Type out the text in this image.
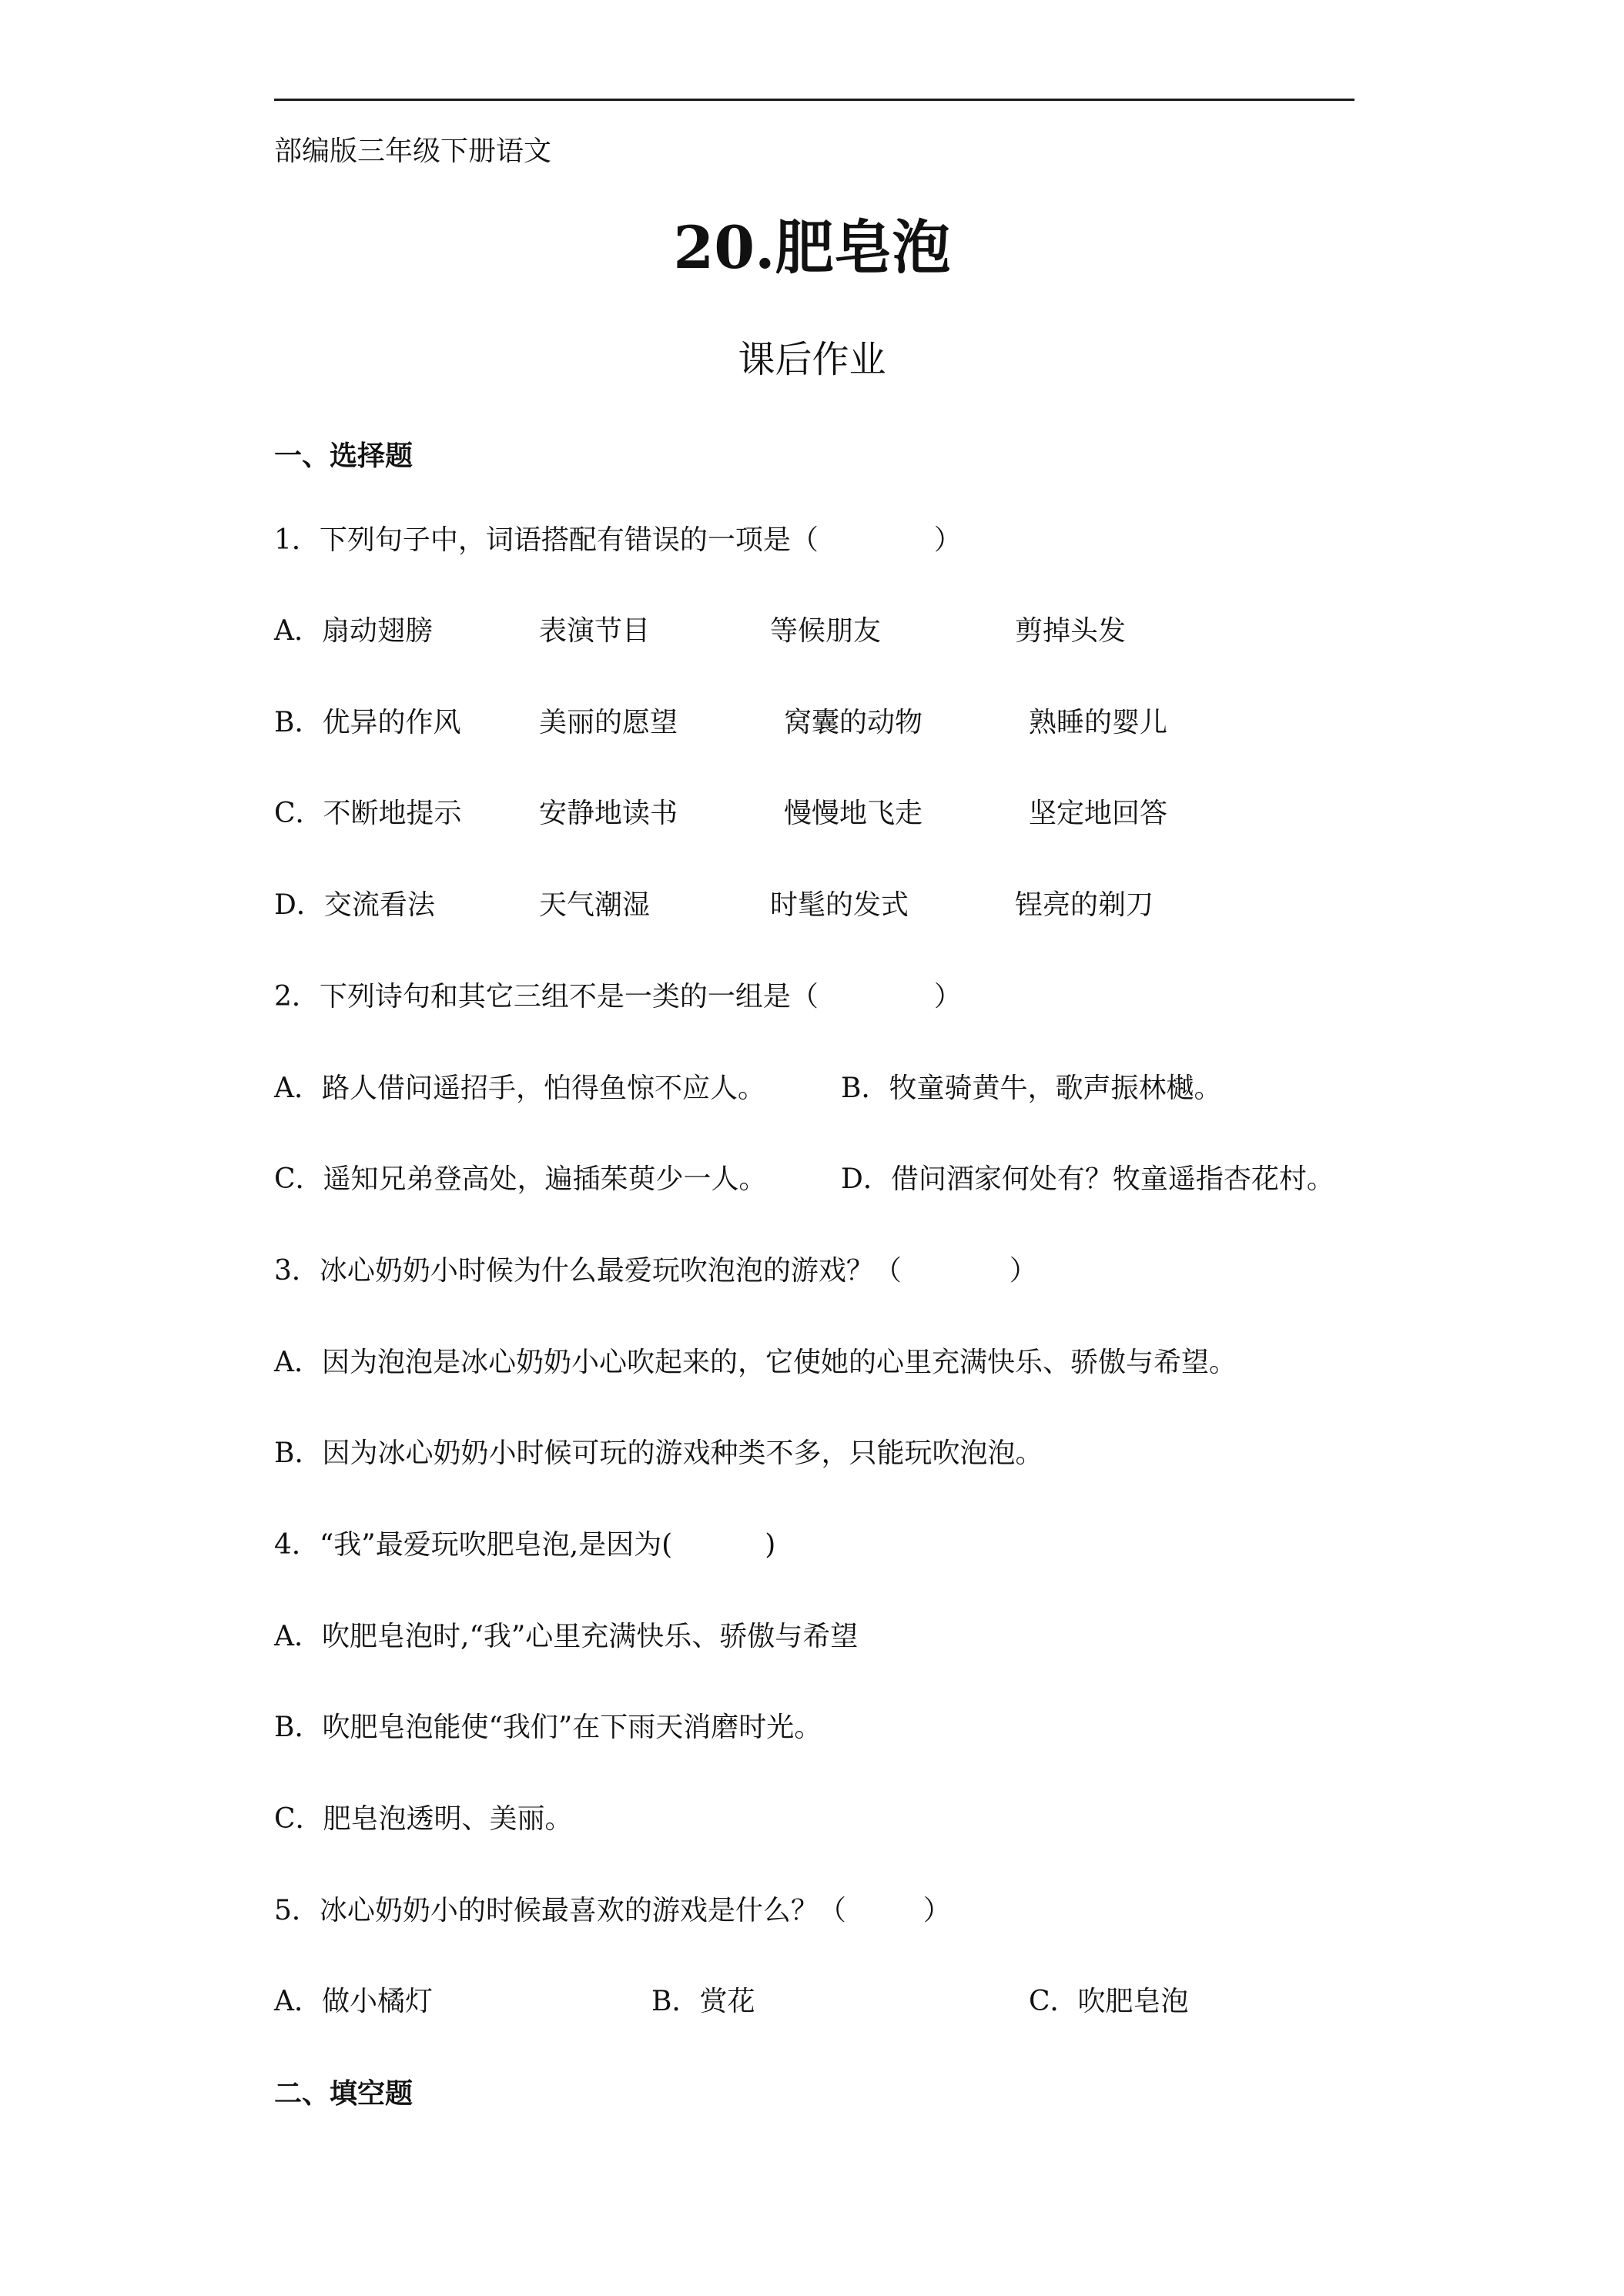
部编版三年级下册语文
20.肥皂泡
课后作业
一、选择题
1．下列句子中，词语搭配有错误的一项是（	）
A．扇动翅膀	表演节目	等候朋友	剪掉头发
B．优异的作风	美丽的愿望	窝囊的动物	熟睡的婴儿
C．不断地提示	安静地读书	慢慢地飞走	坚定地回答
D．交流看法	天气潮湿	时髦的发式	锃亮的剃刀
2．下列诗句和其它三组不是一类的一组是（	）
A．路人借问遥招手，怕得鱼惊不应人。	B．牧童骑黄牛，歌声振林樾。
C．遥知兄弟登高处，遍插茱萸少一人。	D．借问酒家何处有？牧童遥指杏花村。
3．冰心奶奶小时候为什么最爱玩吹泡泡的游戏？（	）
A．因为泡泡是冰心奶奶小心吹起来的，它使她的心里充满快乐、骄傲与希望。
B．因为冰心奶奶小时候可玩的游戏种类不多，只能玩吹泡泡。
4．“我”最爱玩吹肥皂泡,是因为(	)
A．吹肥皂泡时,“我”心里充满快乐、骄傲与希望
B．吹肥皂泡能使“我们”在下雨天消磨时光。
C．肥皂泡透明、美丽。
5．冰心奶奶小的时候最喜欢的游戏是什么？（	）
A．做小橘灯	B．赏花	C．吹肥皂泡
二、填空题
